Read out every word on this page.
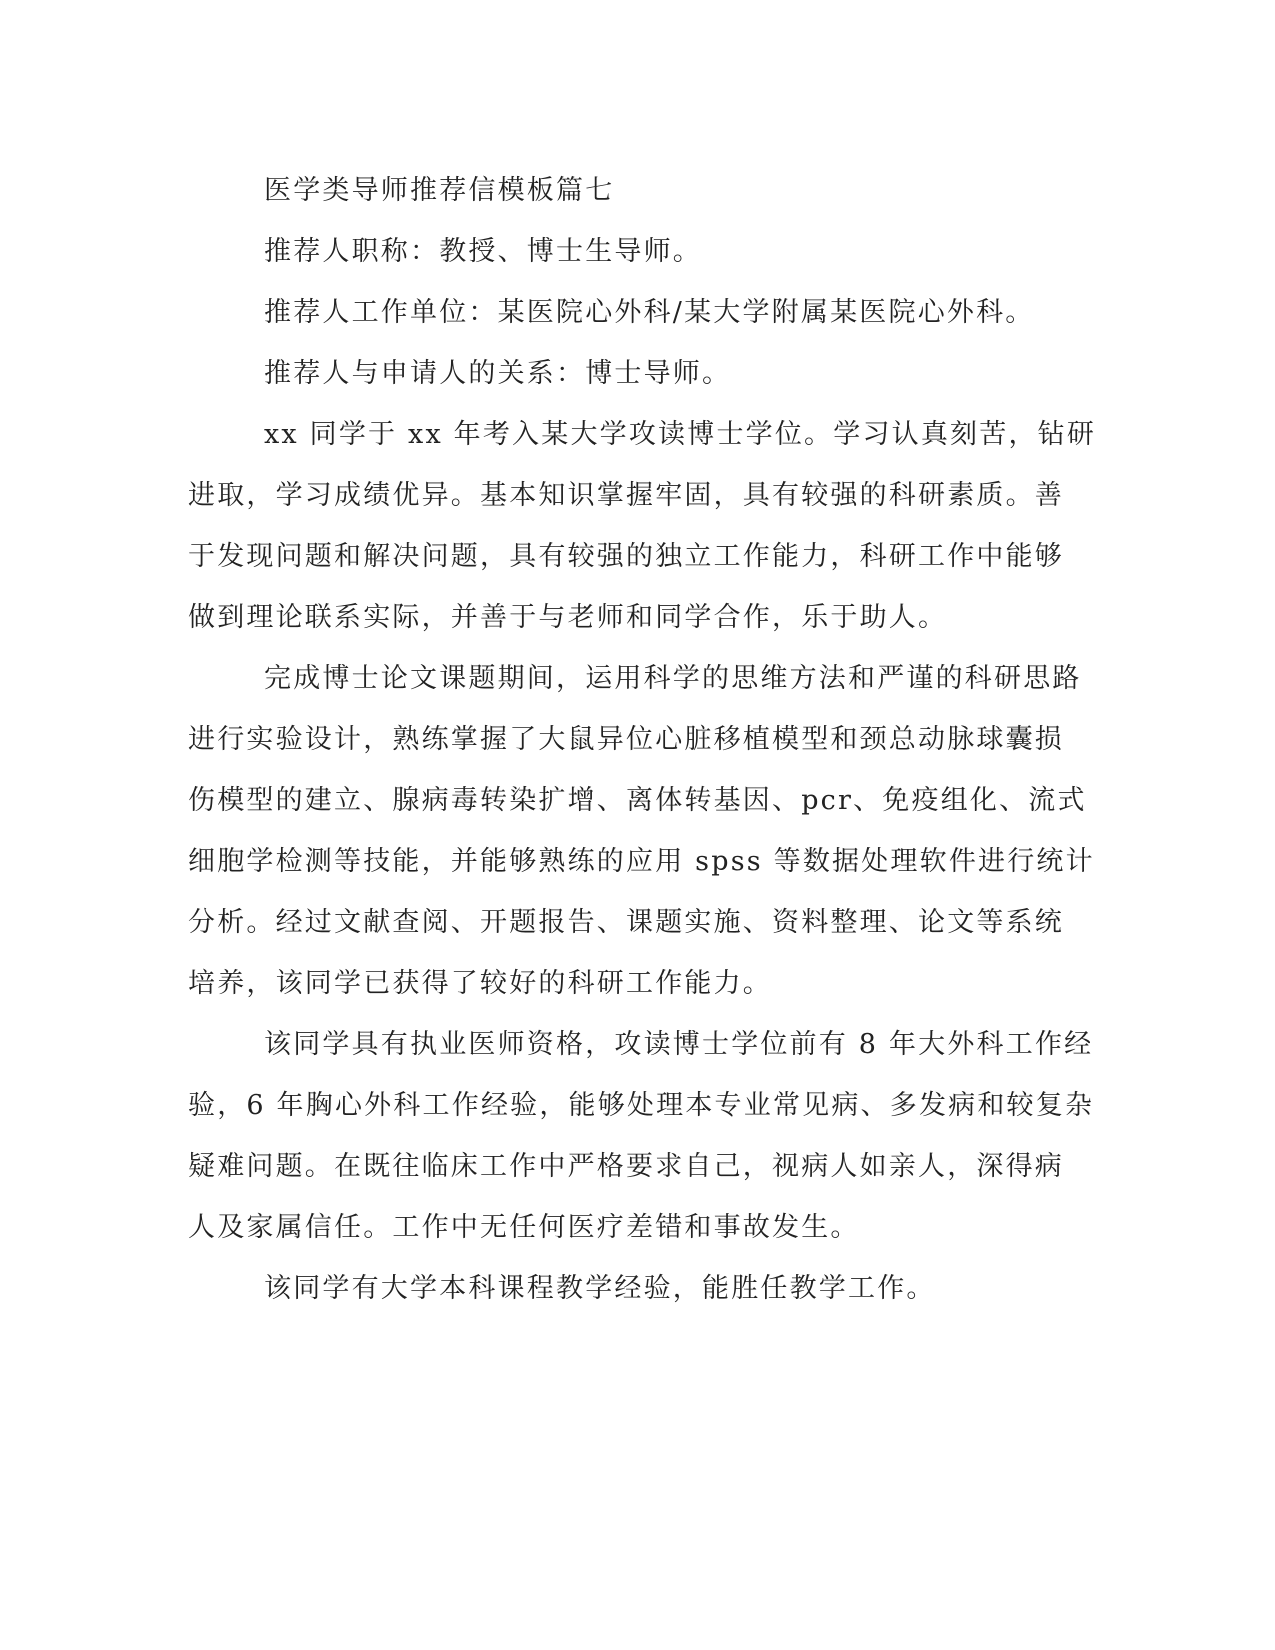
医学类导师推荐信模板篇七

推荐人职称：教授、博士生导师。

推荐人工作单位：某医院心外科/某大学附属某医院心外科。

推荐人与申请人的关系：博士导师。

xx 同学于 xx 年考入某大学攻读博士学位。学习认真刻苦，钻研

进取，学习成绩优异。基本知识掌握牢固，具有较强的科研素质。善

于发现问题和解决问题，具有较强的独立工作能力，科研工作中能够

做到理论联系实际，并善于与老师和同学合作，乐于助人。

完成博士论文课题期间，运用科学的思维方法和严谨的科研思路

进行实验设计，熟练掌握了大鼠异位心脏移植模型和颈总动脉球囊损

伤模型的建立、腺病毒转染扩增、离体转基因、pcr、免疫组化、流式

细胞学检测等技能，并能够熟练的应用 spss 等数据处理软件进行统计

分析。经过文献查阅、开题报告、课题实施、资料整理、论文等系统

培养，该同学已获得了较好的科研工作能力。

该同学具有执业医师资格，攻读博士学位前有 8 年大外科工作经

验，6 年胸心外科工作经验，能够处理本专业常见病、多发病和较复杂

疑难问题。在既往临床工作中严格要求自己，视病人如亲人，深得病

人及家属信任。工作中无任何医疗差错和事故发生。

该同学有大学本科课程教学经验，能胜任教学工作。
